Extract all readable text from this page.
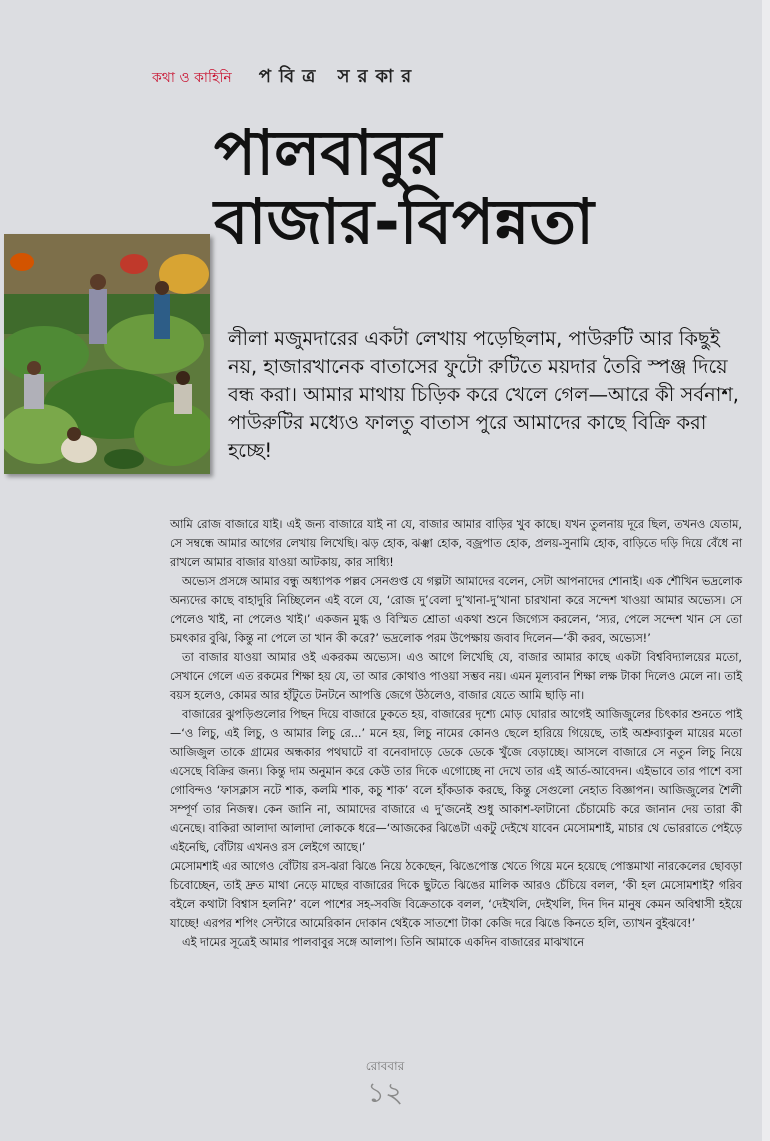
কথা ও কাহিনি পবিত্র সরকার
পালবাবুর
বাজার-বিপন্নতা
লীলা মজুমদারের একটা লেখায় পড়েছিলাম, পাউরুটি আর কিছুই নয়, হাজারখানেক বাতাসের ফুটো রুটিতে ময়দার তৈরি স্পঞ্জ দিয়ে বন্ধ করা। আমার মাথায় চিড়িক করে খেলে গেল—আরে কী সর্বনাশ, পাউরুটির মধ্যেও ফালতু বাতাস পুরে আমাদের কাছে বিক্রি করা হচ্ছে!

আমি রোজ বাজারে যাই। এই জন্য বাজারে যাই না যে, বাজার আমার বাড়ির খুব কাছে। যখন তুলনায় দূরে ছিল, তখনও যেতাম, সে সম্বন্ধে আমার আগের লেখায় লিখেছি। ঝড় হোক, ঝঞ্ঝা হোক, বজ্রপাত হোক, প্রলয়-সুনামি হোক, বাড়িতে দড়ি দিয়ে বেঁধে না রাখলে আমার বাজার যাওয়া আটকায়, কার সাধ্যি!

অভ্যেস প্রসঙ্গে আমার বন্ধু অধ্যাপক পল্লব সেনগুপ্ত যে গল্পটা আমাদের বলেন, সেটা আপনাদের শোনাই। এক শৌখিন ভদ্রলোক অন্যদের কাছে বাহাদুরি নিচ্ছিলেন এই বলে যে, ‘রোজ দু’বেলা দু’খানা-দু’খানা চারখানা করে সন্দেশ খাওয়া আমার অভ্যেস। সে পেলেও খাই, না পেলেও খাই।’ একজন মুগ্ধ ও বিস্মিত শ্রোতা একথা শুনে জিগ্যেস করলেন, ‘স্যর, পেলে সন্দেশ খান সে তো চমৎকার বুঝি, কিন্তু না পেলে তা খান কী করে?’ ভদ্রলোক পরম উপেক্ষায় জবাব দিলেন—‘কী করব, অভ্যেস!’

তা বাজার যাওয়া আমার ওই একরকম অভ্যেস। এও আগে লিখেছি যে, বাজার আমার কাছে একটা বিশ্ববিদ্যালয়ের মতো, সেখানে গেলে এত রকমের শিক্ষা হয় যে, তা আর কোথাও পাওয়া সম্ভব নয়। এমন মূল্যবান শিক্ষা লক্ষ টাকা দিলেও মেলে না। তাই বয়স হলেও, কোমর আর হাঁটুতে টনটনে আপত্তি জেগে উঠলেও, বাজার যেতে আমি ছাড়ি না।

বাজারের ঝুপড়িগুলোর পিছন দিয়ে বাজারে ঢুকতে হয়, বাজারের দৃশ্যে মোড় ঘোরার আগেই আজিজুলের চিৎকার শুনতে পাই—‘ও লিচু, এই লিচু, ও আমার লিচু রে...’ মনে হয়, লিচু নামের কোনও ছেলে হারিয়ে গিয়েছে, তাই অশ্রুব্যাকুল মায়ের মতো আজিজুল তাকে গ্রামের অন্ধকার পথঘাটে বা বনেবাদাড়ে ডেকে ডেকে খুঁজে বেড়াচ্ছে। আসলে বাজারে সে নতুন লিচু নিয়ে এসেছে বিক্রির জন্য। কিন্তু দাম অনুমান করে কেউ তার দিকে এগোচ্ছে না দেখে তার এই আর্ত-আবেদন। এইভাবে তার পাশে বসা গোবিন্দও ‘ফাসক্লাস নটে শাক, কলমি শাক, কচু শাক’ বলে হাঁকডাক করছে, কিন্তু সেগুলো নেহাত বিজ্ঞাপন। আজিজুলের শৈলী সম্পূর্ণ তার নিজস্ব। কেন জানি না, আমাদের বাজারে এ দু’জনেই শুধু আকাশ-ফাটানো চেঁচামেচি করে জানান দেয় তারা কী এনেছে। বাকিরা আলাদা আলাদা লোককে ধরে—‘আজকের ঝিঙেটা একটু দেইখে যাবেন মেসোমশাই, মাচার থে ভোররাতে পেইড়ে এইনেছি, বোঁটায় এখনও রস লেইগে আছে।’

মেসোমশাই এর আগেও বোঁটায় রস-ঝরা ঝিঙে নিয়ে ঠকেছেন, ঝিঙেপোস্ত খেতে গিয়ে মনে হয়েছে পোস্তমাখা নারকেলের ছোবড়া চিবোচ্ছেন, তাই দ্রুত মাথা নেড়ে মাছের বাজারের দিকে ছুটতে ঝিঙের মালিক আরও চেঁচিয়ে বলল, ‘কী হল মেসোমশাই? গরিব বইলে কথাটা বিশ্বাস হলনি?’ বলে পাশের সহ-সবজি বিক্রেতাকে বলল, ‘দেইখলি, দেইখলি, দিন দিন মানুষ কেমন অবিশ্বাসী হইয়ে যাচ্ছে! এরপর শপিং সেন্টারে আমেরিকান দোকান থেইকে সাতশো টাকা কেজি দরে ঝিঙে কিনতে হলি, ত্যাখন বুইঝবে!’

এই দামের সূত্রেই আমার পালবাবুর সঙ্গে আলাপ। তিনি আমাকে একদিন বাজারের মাঝখানে

রোববার
১২
